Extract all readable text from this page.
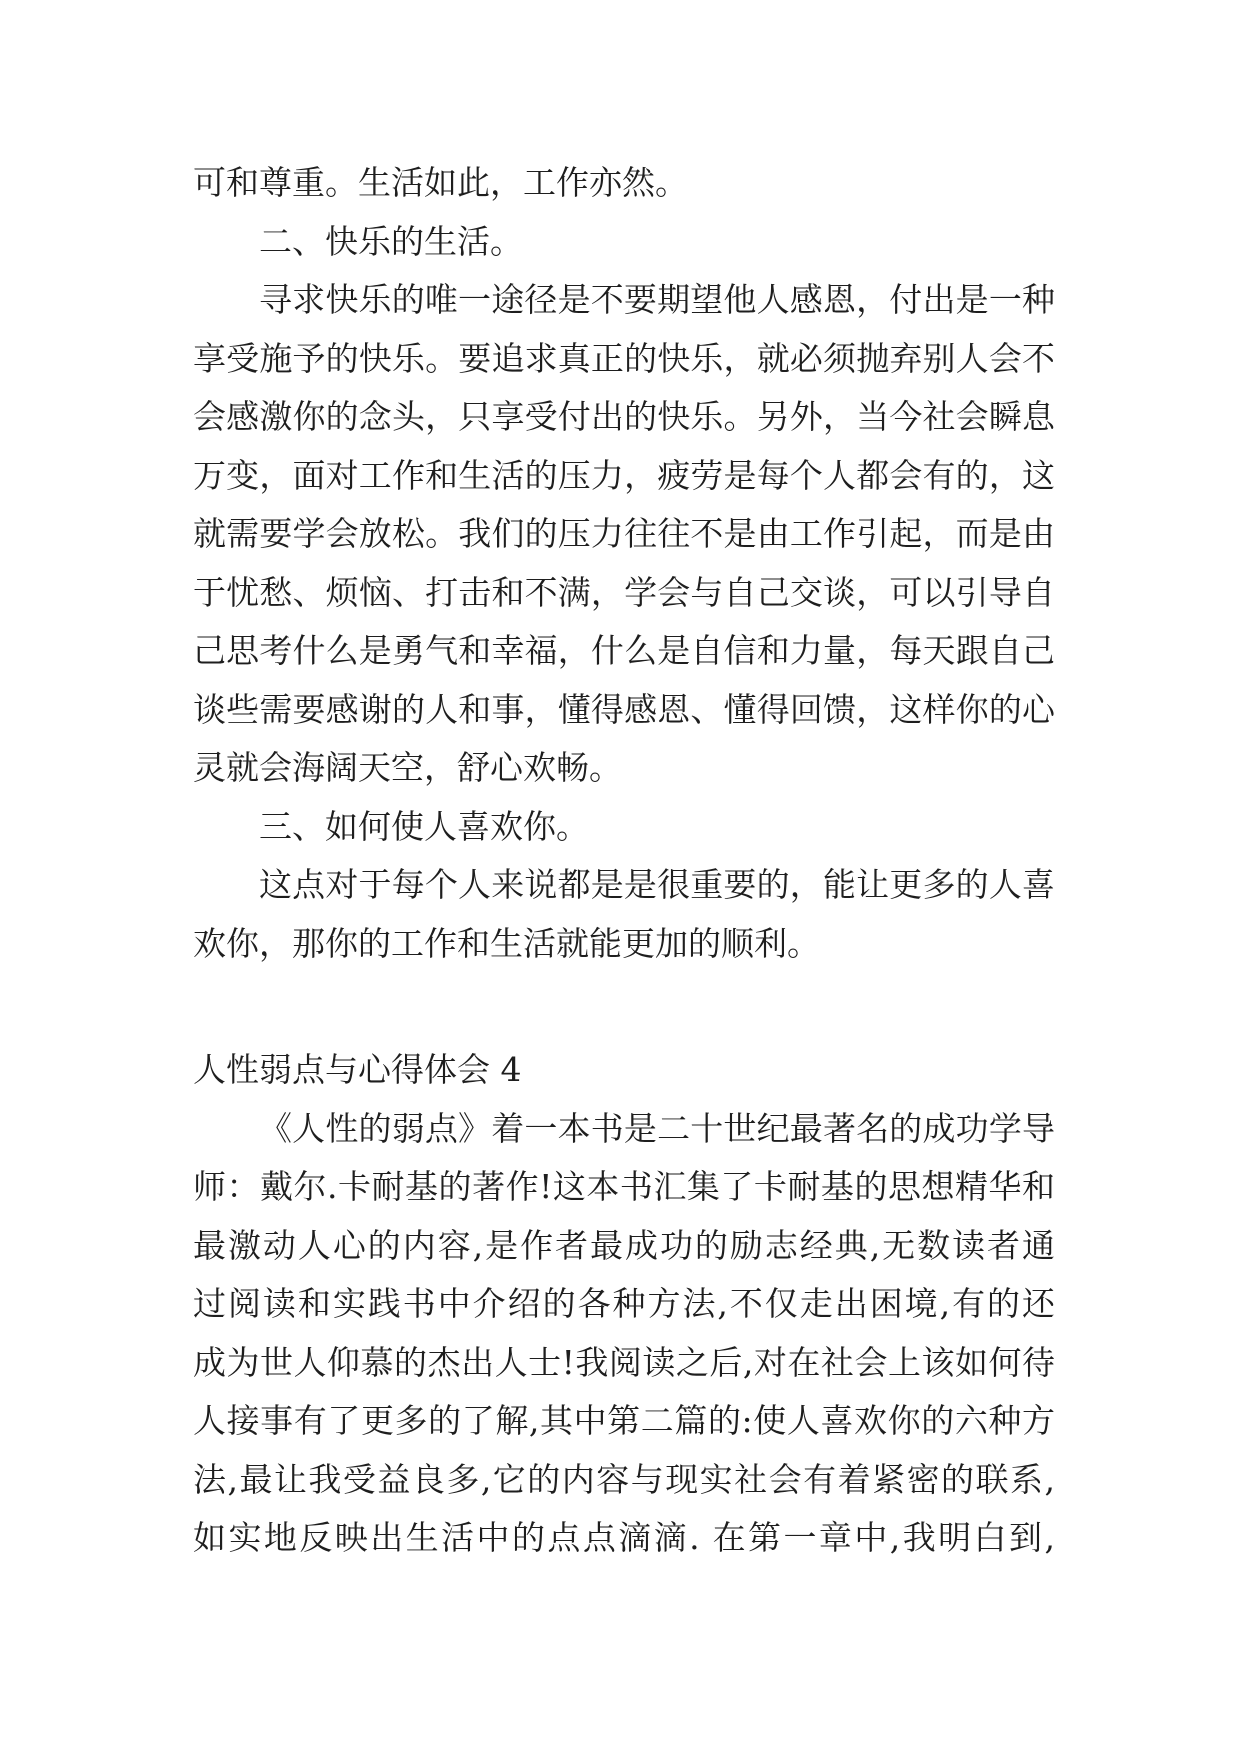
可和尊重。生活如此，工作亦然。
二、快乐的生活。
寻求快乐的唯一途径是不要期望他人感恩，付出是一种
享受施予的快乐。要追求真正的快乐，就必须抛弃别人会不
会感激你的念头，只享受付出的快乐。另外，当今社会瞬息
万变，面对工作和生活的压力，疲劳是每个人都会有的，这
就需要学会放松。我们的压力往往不是由工作引起，而是由
于忧愁、烦恼、打击和不满，学会与自己交谈，可以引导自
己思考什么是勇气和幸福，什么是自信和力量，每天跟自己
谈些需要感谢的人和事，懂得感恩、懂得回馈，这样你的心
灵就会海阔天空，舒心欢畅。
三、如何使人喜欢你。
这点对于每个人来说都是是很重要的，能让更多的人喜
欢你，那你的工作和生活就能更加的顺利。
人性弱点与心得体会 4
《人性的弱点》着一本书是二十世纪最著名的成功学导
师：戴尔.卡耐基的著作!这本书汇集了卡耐基的思想精华和
最激动人心的内容,是作者最成功的励志经典,无数读者通
过阅读和实践书中介绍的各种方法,不仅走出困境,有的还
成为世人仰慕的杰出人士!我阅读之后,对在社会上该如何待
人接事有了更多的了解,其中第二篇的:使人喜欢你的六种方
法,最让我受益良多,它的内容与现实社会有着紧密的联系,
如实地反映出生活中的点点滴滴. 在第一章中,我明白到,
